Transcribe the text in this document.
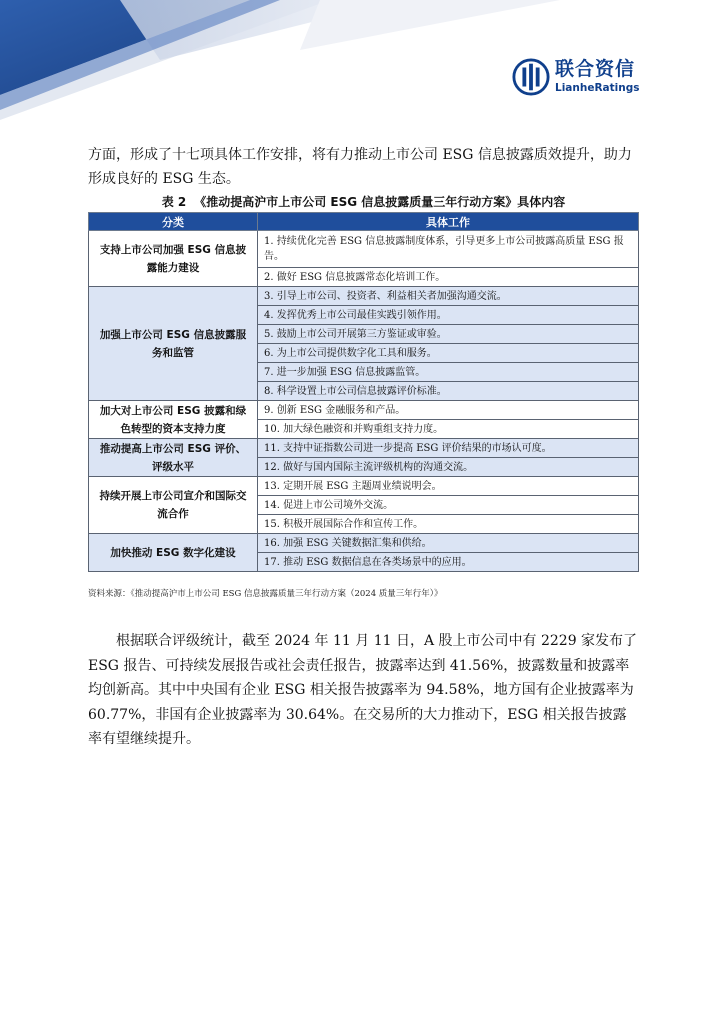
联合资信
LianheRatings

方面，形成了十七项具体工作安排，将有力推动上市公司 ESG 信息披露质效提升，助力形成良好的 ESG 生态。

表 2 《推动提高沪市上市公司 ESG 信息披露质量三年行动方案》具体内容
分类	具体工作
支持上市公司加强 ESG 信息披露能力建设	1. 持续优化完善 ESG 信息披露制度体系，引导更多上市公司披露高质量 ESG 报告。
	2. 做好 ESG 信息披露常态化培训工作。
加强上市公司 ESG 信息披露服务和监管	3. 引导上市公司、投资者、利益相关者加强沟通交流。
	4. 发挥优秀上市公司最佳实践引领作用。
	5. 鼓励上市公司开展第三方鉴证或审验。
	6. 为上市公司提供数字化工具和服务。
	7. 进一步加强 ESG 信息披露监管。
	8. 科学设置上市公司信息披露评价标准。
加大对上市公司 ESG 披露和绿色转型的资本支持力度	9. 创新 ESG 金融服务和产品。
	10. 加大绿色融资和并购重组支持力度。
推动提高上市公司 ESG 评价、评级水平	11. 支持中证指数公司进一步提高 ESG 评价结果的市场认可度。
	12. 做好与国内国际主流评级机构的沟通交流。
持续开展上市公司宣介和国际交流合作	13. 定期开展 ESG 主题周业绩说明会。
	14. 促进上市公司境外交流。
	15. 积极开展国际合作和宣传工作。
加快推动 ESG 数字化建设	16. 加强 ESG 关键数据汇集和供给。
	17. 推动 ESG 数据信息在各类场景中的应用。
资料来源：《推动提高沪市上市公司 ESG 信息披露质量三年行动方案（2024 质量三年行年）》

根据联合评级统计，截至 2024 年 11 月 11 日，A 股上市公司中有 2229 家发布了 ESG 报告、可持续发展报告或社会责任报告，披露率达到 41.56%，披露数量和披露率均创新高。其中中央国有企业 ESG 相关报告披露率为 94.58%，地方国有企业披露率为 60.77%，非国有企业披露率为 30.64%。在交易所的大力推动下，ESG 相关报告披露率有望继续提升。
